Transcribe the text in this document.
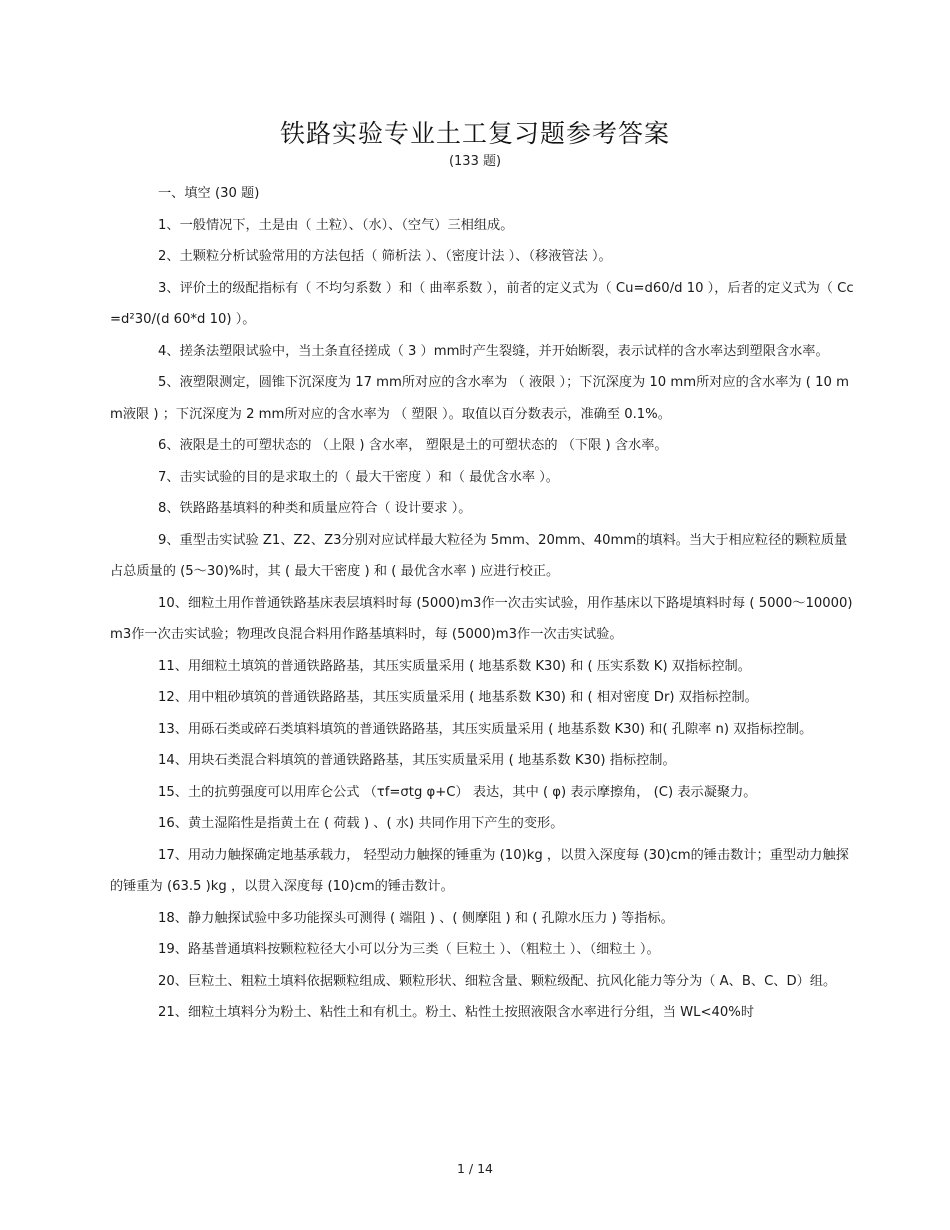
铁路实验专业土工复习题参考答案
(133 题)

一、填空 (30 题)

1、一般情况下，土是由（ 土粒）、（水）、（空气）三相组成。

2、土颗粒分析试验常用的方法包括（ 筛析法 ）、（密度计法 ）、（移液管法 ）。

3、评价土的级配指标有（ 不均匀系数 ）和（ 曲率系数 ），前者的定义式为（ Cu=d60/d 10 ），后者的定义式为（ Cc=d²30/(d 60*d 10) ）。

4、搓条法塑限试验中，当土条直径搓成（ 3 ）mm时产生裂缝，并开始断裂，表示试样的含水率达到塑限含水率。

5、液塑限测定，圆锥下沉深度为 17 mm所对应的含水率为 （ 液限 ）；下沉深度为 10 mm所对应的含水率为 ( 10 mm液限 ) ；下沉深度为 2 mm所对应的含水率为 （ 塑限 ）。取值以百分数表示，准确至 0.1%。

6、液限是土的可塑状态的 （上限 ) 含水率， 塑限是土的可塑状态的 （下限 ) 含水率。

7、击实试验的目的是求取土的（ 最大干密度 ）和（ 最优含水率 ）。

8、铁路路基填料的种类和质量应符合（ 设计要求 ）。

9、重型击实试验 Z1、Z2、Z3分别对应试样最大粒径为 5mm、20mm、40mm的填料。当大于相应粒径的颗粒质量占总质量的 (5～30)%时，其 ( 最大干密度 ) 和 ( 最优含水率 ) 应进行校正。

10、细粒土用作普通铁路基床表层填料时每 (5000)m3作一次击实试验，用作基床以下路堤填料时每 ( 5000～10000)m3作一次击实试验；物理改良混合料用作路基填料时，每 (5000)m3作一次击实试验。

11、用细粒土填筑的普通铁路路基，其压实质量采用 ( 地基系数 K30) 和 ( 压实系数 K) 双指标控制。

12、用中粗砂填筑的普通铁路路基，其压实质量采用 ( 地基系数 K30) 和 ( 相对密度 Dr) 双指标控制。

13、用砾石类或碎石类填料填筑的普通铁路路基，其压实质量采用 ( 地基系数 K30) 和( 孔隙率 n) 双指标控制。

14、用块石类混合料填筑的普通铁路路基，其压实质量采用 ( 地基系数 K30) 指标控制。

15、土的抗剪强度可以用库仑公式 （τf=σtg φ+C） 表达，其中 ( φ) 表示摩擦角， (C) 表示凝聚力。

16、黄土湿陷性是指黄土在 ( 荷载 ) 、( 水) 共同作用下产生的变形。

17、用动力触探确定地基承载力， 轻型动力触探的锤重为 (10)kg ，以贯入深度每 (30)cm的锤击数计；重型动力触探的锤重为 (63.5 )kg ，以贯入深度每 (10)cm的锤击数计。

18、静力触探试验中多功能探头可测得 ( 端阻 ) 、( 侧摩阻 ) 和 ( 孔隙水压力 ) 等指标。

19、路基普通填料按颗粒粒径大小可以分为三类（ 巨粒土 ）、（粗粒土 ）、（细粒土 ）。

20、巨粒土、粗粒土填料依据颗粒组成、颗粒形状、细粒含量、颗粒级配、抗风化能力等分为（ A、B、C、D）组。

21、细粒土填料分为粉土、粘性土和有机土。粉土、粘性土按照液限含水率进行分组，当 WL<40%时

1 / 14
